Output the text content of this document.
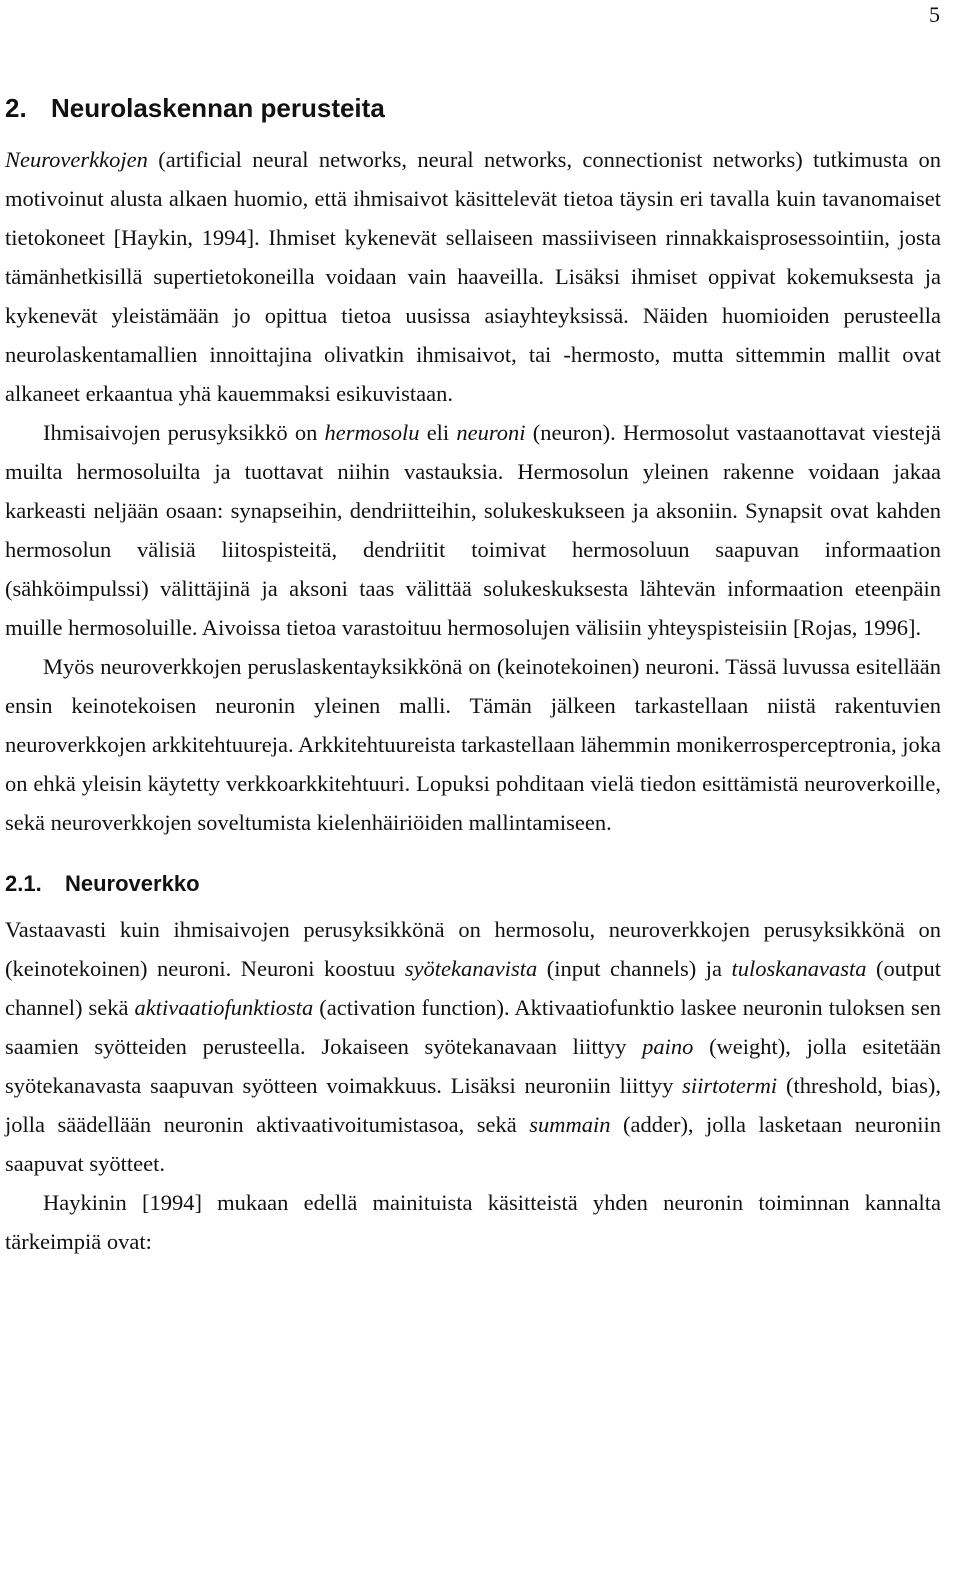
5
2. Neurolaskennan perusteita

Neuroverkkojen (artificial neural networks, neural networks, connectionist networks) tutkimusta on motivoinut alusta alkaen huomio, että ihmisaivot käsittelevät tietoa täysin eri tavalla kuin tavanomaiset tietokoneet [Haykin, 1994]. Ihmiset kykenevät sellaiseen massiiviseen rinnakkaisprosessointiin, josta tämänhetkisillä supertietokoneilla voidaan vain haaveilla. Lisäksi ihmiset oppivat kokemuksesta ja kykenevät yleistämään jo opittua tietoa uusissa asiayhteyksissä. Näiden huomioiden perusteella neurolaskentamallien innoittajina olivatkin ihmisaivot, tai -hermosto, mutta sittemmin mallit ovat alkaneet erkaantua yhä kauemmaksi esikuvistaan.

Ihmisaivojen perusyksikkö on hermosolu eli neuroni (neuron). Hermosolut vastaanottavat viestejä muilta hermosoluilta ja tuottavat niihin vastauksia. Hermosolun yleinen rakenne voidaan jakaa karkeasti neljään osaan: synapseihin, dendriitteihin, solukeskukseen ja aksoniin. Synapsit ovat kahden hermosolun välisiä liitospisteitä, dendriitit toimivat hermosoluun saapuvan informaation (sähköimpulssi) välittäjinä ja aksoni taas välittää solukeskuksesta lähtevän informaation eteenpäin muille hermosoluille. Aivoissa tietoa varastoituu hermosolujen välisiin yhteyspisteisiin [Rojas, 1996].

Myös neuroverkkojen peruslaskentayksikkönä on (keinotekoinen) neuroni. Tässä luvussa esitellään ensin keinotekoisen neuronin yleinen malli. Tämän jälkeen tarkastellaan niistä rakentuvien neuroverkkojen arkkitehtuureja. Arkkitehtuureista tarkastellaan lähemmin monikerrosperceptronia, joka on ehkä yleisin käytetty verkkoarkkitehtuuri. Lopuksi pohditaan vielä tiedon esittämistä neuroverkoille, sekä neuroverkkojen soveltumista kielenhäiriöiden mallintamiseen.

2.1. Neuroverkko

Vastaavasti kuin ihmisaivojen perusyksikkönä on hermosolu, neuroverkkojen perusyksikkönä on (keinotekoinen) neuroni. Neuroni koostuu syötekanavista (input channels) ja tuloskanavasta (output channel) sekä aktivaatiofunktiosta (activation function). Aktivaatiofunktio laskee neuronin tuloksen sen saamien syötteiden perusteella. Jokaiseen syötekanavaan liittyy paino (weight), jolla esitetään syötekanavasta saapuvan syötteen voimakkuus. Lisäksi neuroniin liittyy siirtotermi (threshold, bias), jolla säädellään neuronin aktivaativoitumistasoa, sekä summain (adder), jolla lasketaan neuroniin saapuvat syötteet.

Haykinin [1994] mukaan edellä mainituista käsitteistä yhden neuronin toiminnan kannalta tärkeimpiä ovat:
